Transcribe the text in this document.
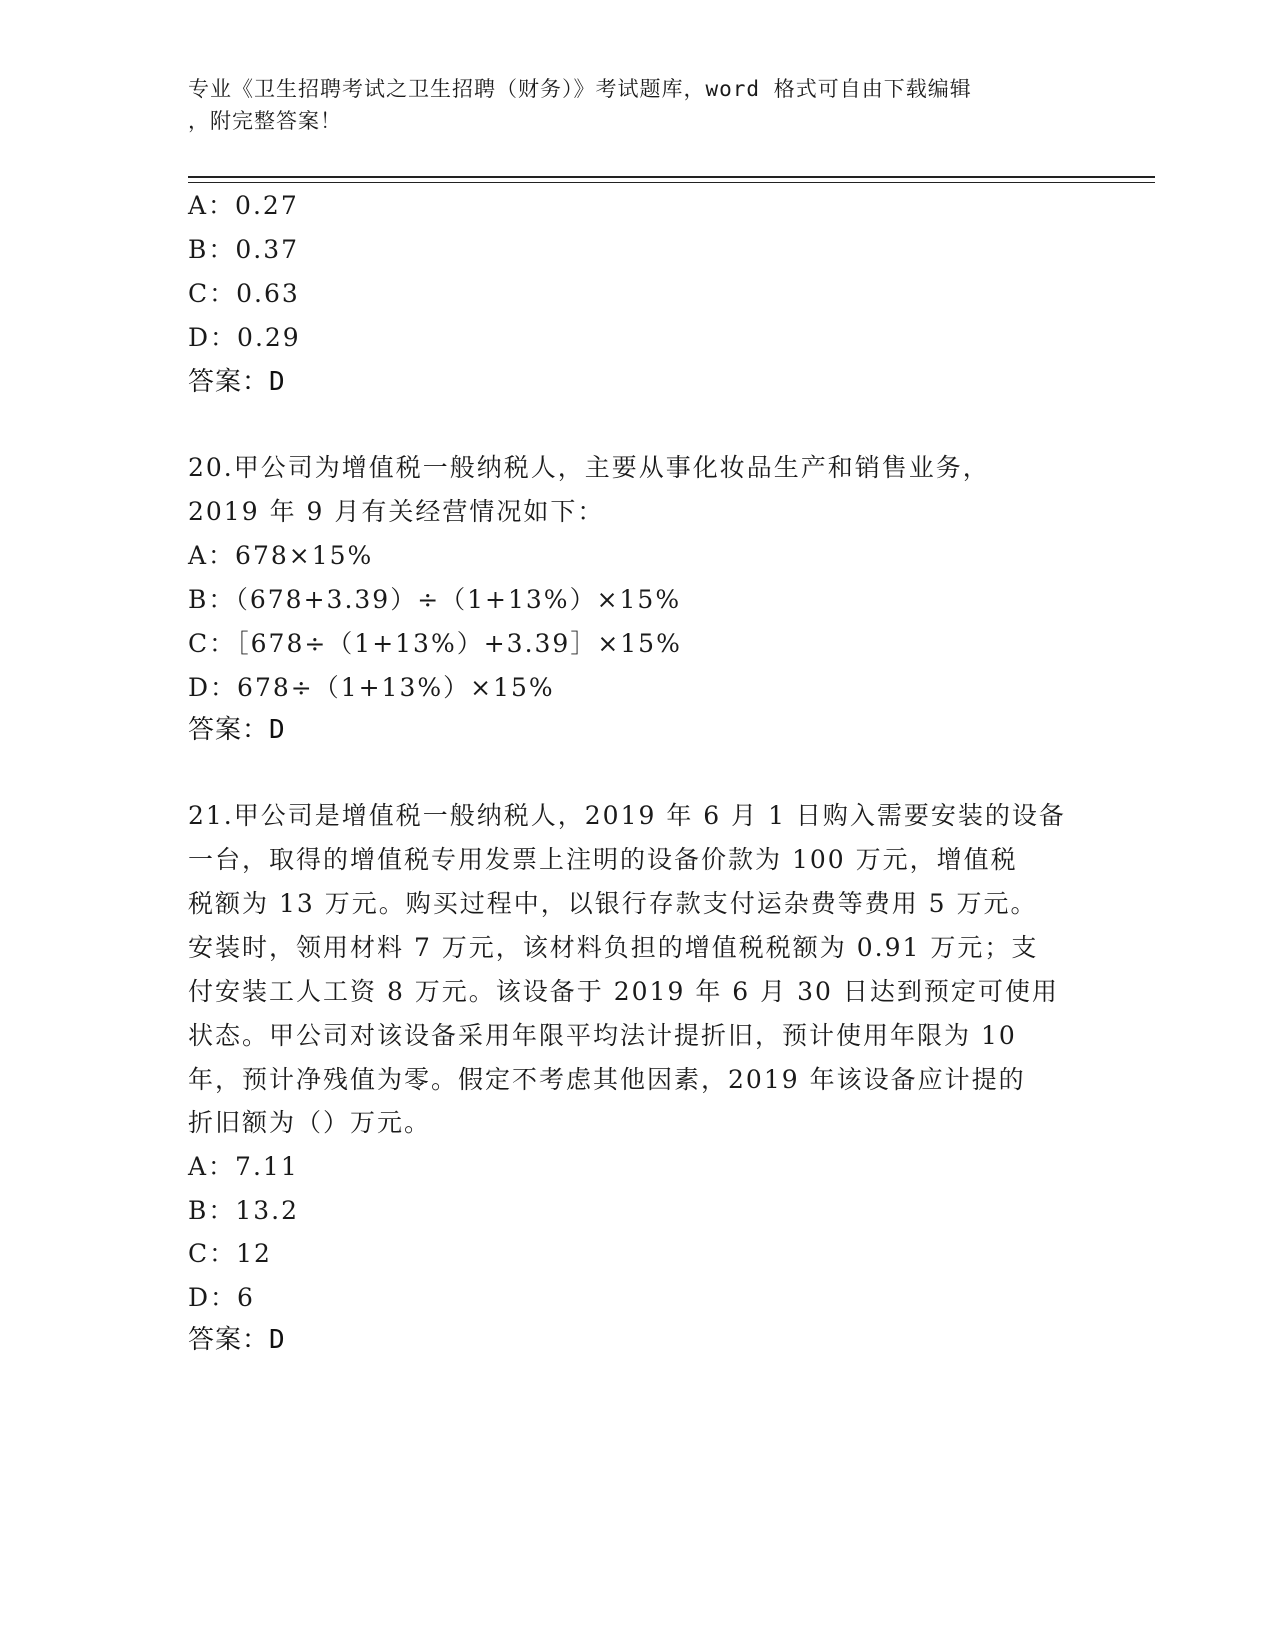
专业《卫生招聘考试之卫生招聘（财务）》考试题库，word 格式可自由下载编辑
，附完整答案！
A：0.27
B：0.37
C：0.63
D：0.29
答案：D
20.甲公司为增值税一般纳税人，主要从事化妆品生产和销售业务，
2019 年 9 月有关经营情况如下：
A：678×15%
B：（678+3.39）÷（1+13%）×15%
C：［678÷（1+13%）+3.39］×15%
D：678÷（1+13%）×15%
答案：D
21.甲公司是增值税一般纳税人，2019 年 6 月 1 日购入需要安装的设备
一台，取得的增值税专用发票上注明的设备价款为 100 万元，增值税
税额为 13 万元。购买过程中，以银行存款支付运杂费等费用 5 万元。
安装时，领用材料 7 万元，该材料负担的增值税税额为 0.91 万元；支
付安装工人工资 8 万元。该设备于 2019 年 6 月 30 日达到预定可使用
状态。甲公司对该设备采用年限平均法计提折旧，预计使用年限为 10
年，预计净残值为零。假定不考虑其他因素，2019 年该设备应计提的
折旧额为（）万元。
A：7.11
B：13.2
C：12
D：6
答案：D
